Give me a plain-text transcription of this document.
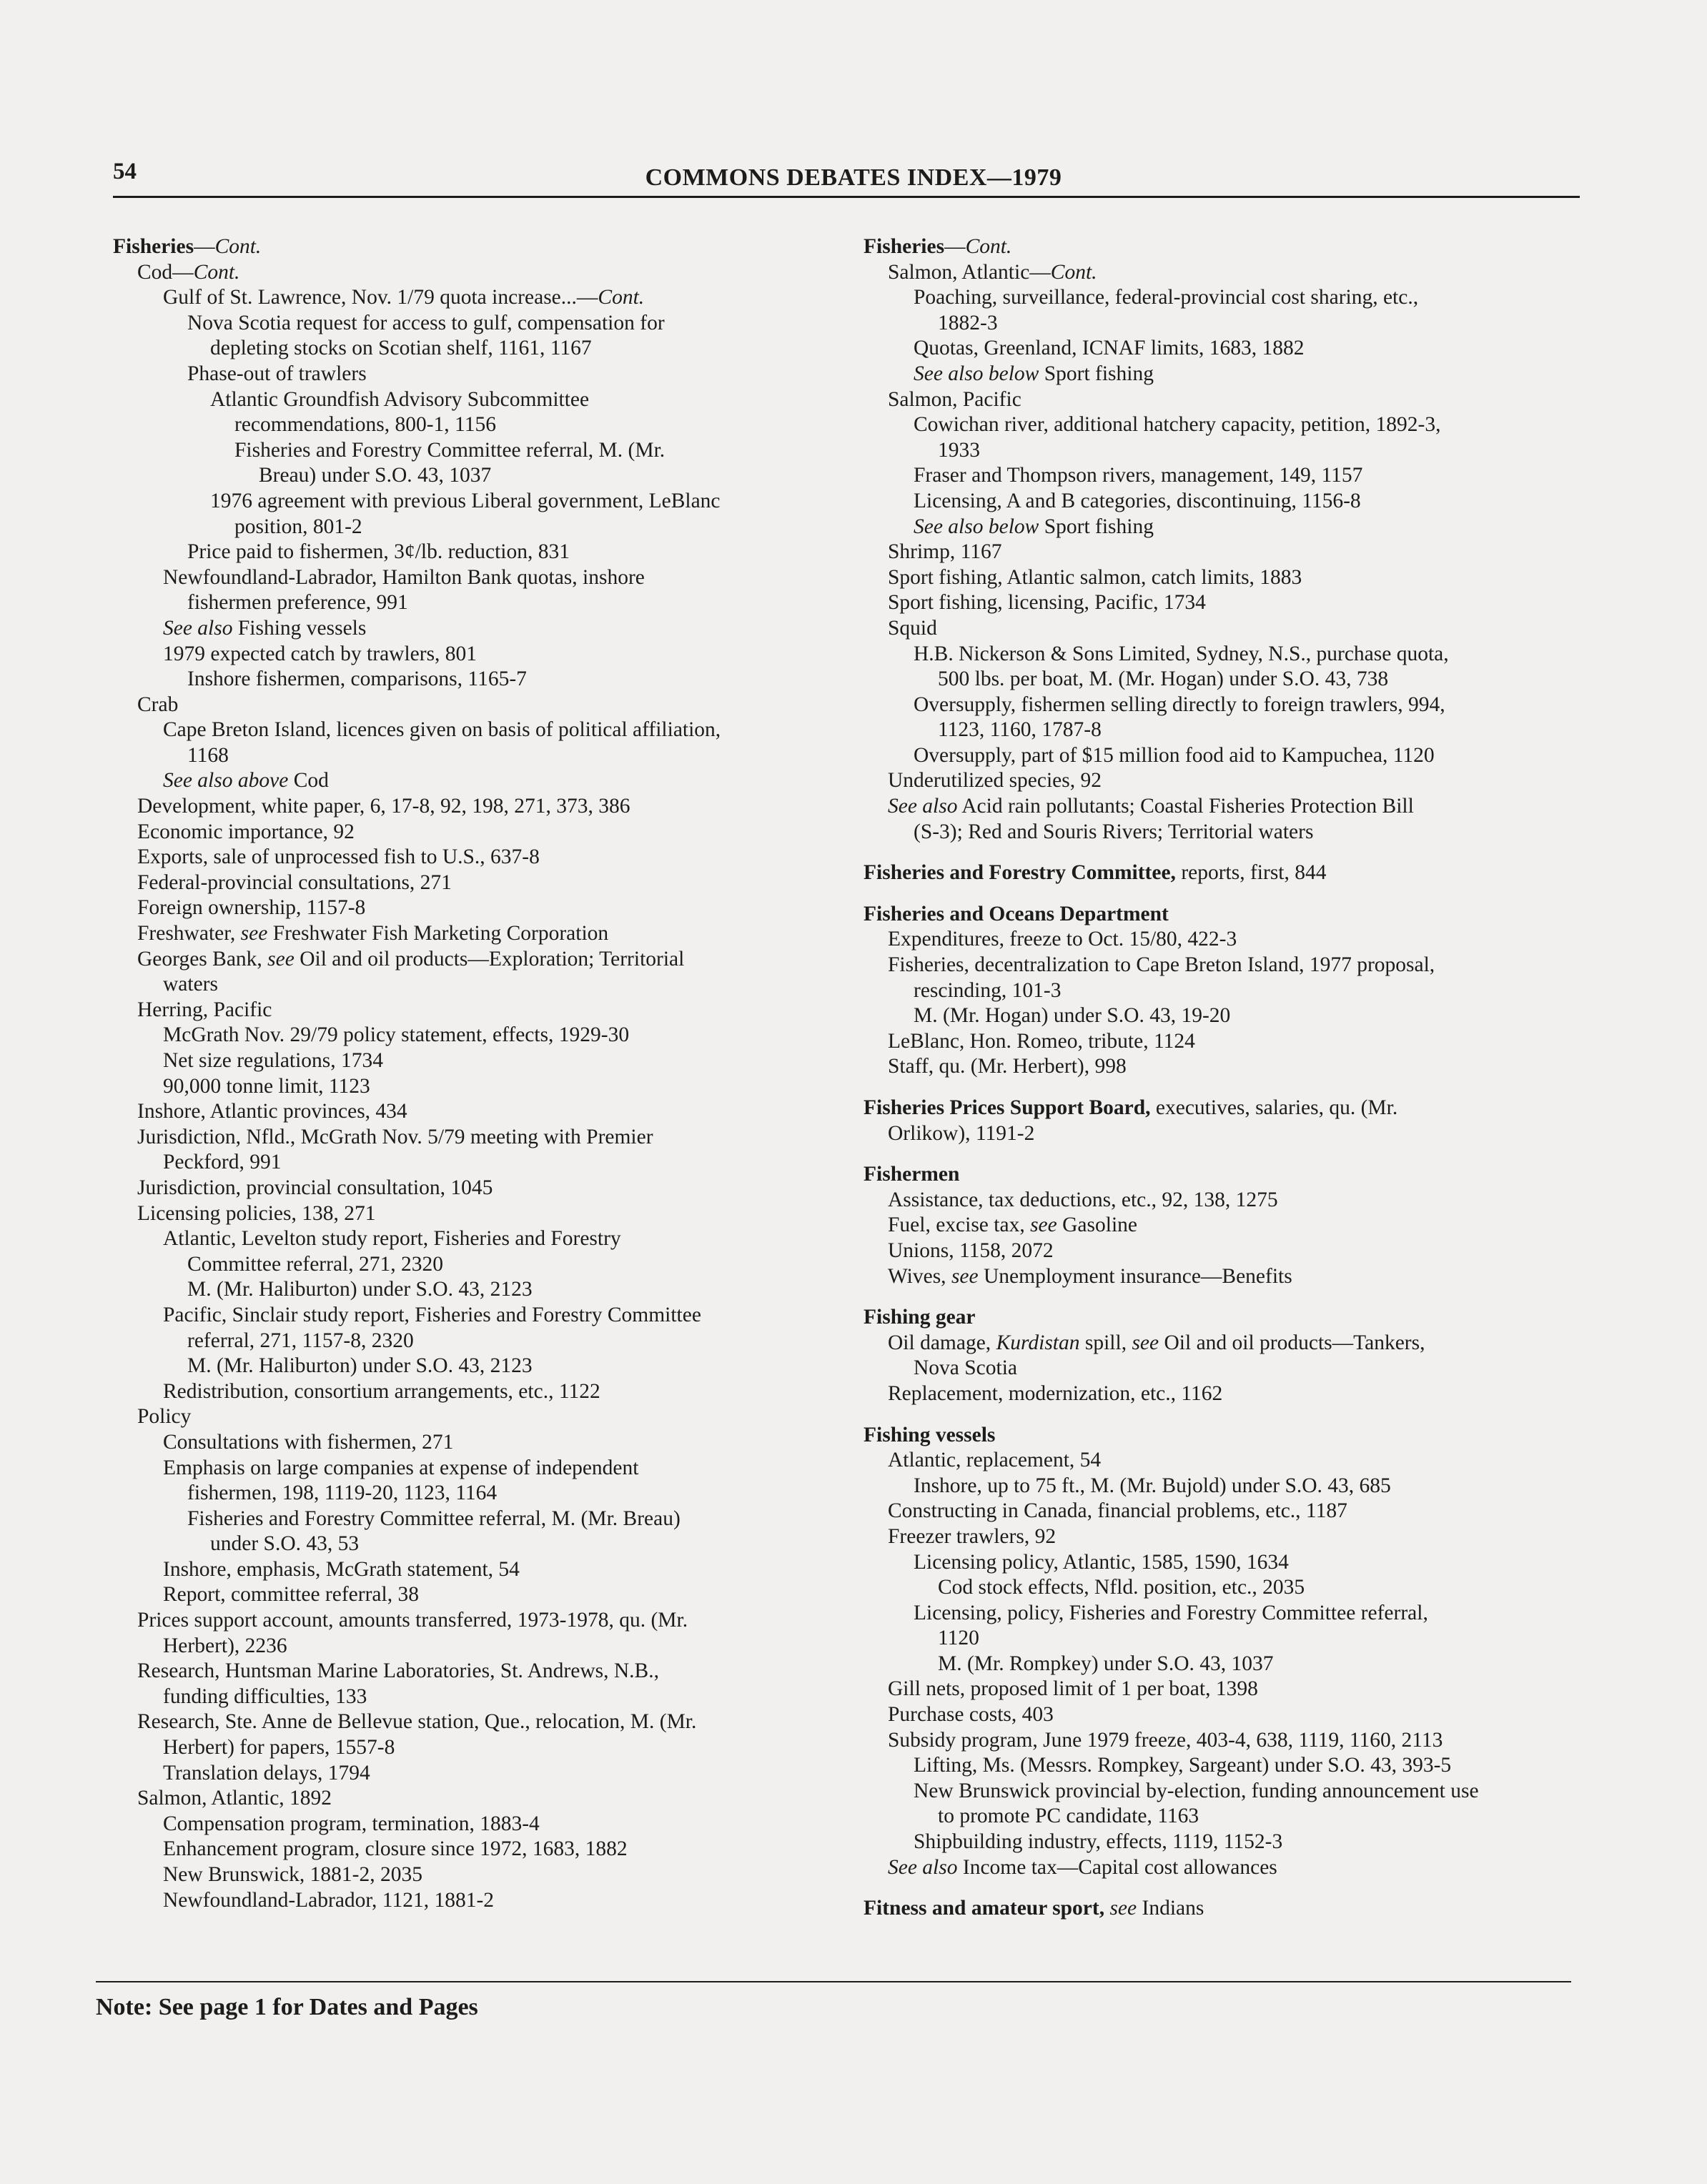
54	COMMONS DEBATES INDEX—1979
Fisheries—Cont.
Cod—Cont.
Gulf of St. Lawrence, Nov. 1/79 quota increase...—Cont.
Nova Scotia request for access to gulf, compensation for
depleting stocks on Scotian shelf, 1161, 1167
Phase-out of trawlers
Atlantic Groundfish Advisory Subcommittee
recommendations, 800-1, 1156
Fisheries and Forestry Committee referral, M. (Mr.
Breau) under S.O. 43, 1037
1976 agreement with previous Liberal government, LeBlanc
position, 801-2
Price paid to fishermen, 3¢/lb. reduction, 831
Newfoundland-Labrador, Hamilton Bank quotas, inshore
fishermen preference, 991
See also Fishing vessels
1979 expected catch by trawlers, 801
Inshore fishermen, comparisons, 1165-7
Crab
Cape Breton Island, licences given on basis of political affiliation,
1168
See also above Cod
Development, white paper, 6, 17-8, 92, 198, 271, 373, 386
Economic importance, 92
Exports, sale of unprocessed fish to U.S., 637-8
Federal-provincial consultations, 271
Foreign ownership, 1157-8
Freshwater, see Freshwater Fish Marketing Corporation
Georges Bank, see Oil and oil products—Exploration; Territorial
waters
Herring, Pacific
McGrath Nov. 29/79 policy statement, effects, 1929-30
Net size regulations, 1734
90,000 tonne limit, 1123
Inshore, Atlantic provinces, 434
Jurisdiction, Nfld., McGrath Nov. 5/79 meeting with Premier
Peckford, 991
Jurisdiction, provincial consultation, 1045
Licensing policies, 138, 271
Atlantic, Levelton study report, Fisheries and Forestry
Committee referral, 271, 2320
M. (Mr. Haliburton) under S.O. 43, 2123
Pacific, Sinclair study report, Fisheries and Forestry Committee
referral, 271, 1157-8, 2320
M. (Mr. Haliburton) under S.O. 43, 2123
Redistribution, consortium arrangements, etc., 1122
Policy
Consultations with fishermen, 271
Emphasis on large companies at expense of independent
fishermen, 198, 1119-20, 1123, 1164
Fisheries and Forestry Committee referral, M. (Mr. Breau)
under S.O. 43, 53
Inshore, emphasis, McGrath statement, 54
Report, committee referral, 38
Prices support account, amounts transferred, 1973-1978, qu. (Mr.
Herbert), 2236
Research, Huntsman Marine Laboratories, St. Andrews, N.B.,
funding difficulties, 133
Research, Ste. Anne de Bellevue station, Que., relocation, M. (Mr.
Herbert) for papers, 1557-8
Translation delays, 1794
Salmon, Atlantic, 1892
Compensation program, termination, 1883-4
Enhancement program, closure since 1972, 1683, 1882
New Brunswick, 1881-2, 2035
Newfoundland-Labrador, 1121, 1881-2
Fisheries—Cont.
Salmon, Atlantic—Cont.
Poaching, surveillance, federal-provincial cost sharing, etc.,
1882-3
Quotas, Greenland, ICNAF limits, 1683, 1882
See also below Sport fishing
Salmon, Pacific
Cowichan river, additional hatchery capacity, petition, 1892-3,
1933
Fraser and Thompson rivers, management, 149, 1157
Licensing, A and B categories, discontinuing, 1156-8
See also below Sport fishing
Shrimp, 1167
Sport fishing, Atlantic salmon, catch limits, 1883
Sport fishing, licensing, Pacific, 1734
Squid
H.B. Nickerson & Sons Limited, Sydney, N.S., purchase quota,
500 lbs. per boat, M. (Mr. Hogan) under S.O. 43, 738
Oversupply, fishermen selling directly to foreign trawlers, 994,
1123, 1160, 1787-8
Oversupply, part of $15 million food aid to Kampuchea, 1120
Underutilized species, 92
See also Acid rain pollutants; Coastal Fisheries Protection Bill
(S-3); Red and Souris Rivers; Territorial waters
Fisheries and Forestry Committee, reports, first, 844
Fisheries and Oceans Department
Expenditures, freeze to Oct. 15/80, 422-3
Fisheries, decentralization to Cape Breton Island, 1977 proposal,
rescinding, 101-3
M. (Mr. Hogan) under S.O. 43, 19-20
LeBlanc, Hon. Romeo, tribute, 1124
Staff, qu. (Mr. Herbert), 998
Fisheries Prices Support Board, executives, salaries, qu. (Mr.
Orlikow), 1191-2
Fishermen
Assistance, tax deductions, etc., 92, 138, 1275
Fuel, excise tax, see Gasoline
Unions, 1158, 2072
Wives, see Unemployment insurance—Benefits
Fishing gear
Oil damage, Kurdistan spill, see Oil and oil products—Tankers,
Nova Scotia
Replacement, modernization, etc., 1162
Fishing vessels
Atlantic, replacement, 54
Inshore, up to 75 ft., M. (Mr. Bujold) under S.O. 43, 685
Constructing in Canada, financial problems, etc., 1187
Freezer trawlers, 92
Licensing policy, Atlantic, 1585, 1590, 1634
Cod stock effects, Nfld. position, etc., 2035
Licensing, policy, Fisheries and Forestry Committee referral,
1120
M. (Mr. Rompkey) under S.O. 43, 1037
Gill nets, proposed limit of 1 per boat, 1398
Purchase costs, 403
Subsidy program, June 1979 freeze, 403-4, 638, 1119, 1160, 2113
Lifting, Ms. (Messrs. Rompkey, Sargeant) under S.O. 43, 393-5
New Brunswick provincial by-election, funding announcement use
to promote PC candidate, 1163
Shipbuilding industry, effects, 1119, 1152-3
See also Income tax—Capital cost allowances
Fitness and amateur sport, see Indians
Note: See page 1 for Dates and Pages
